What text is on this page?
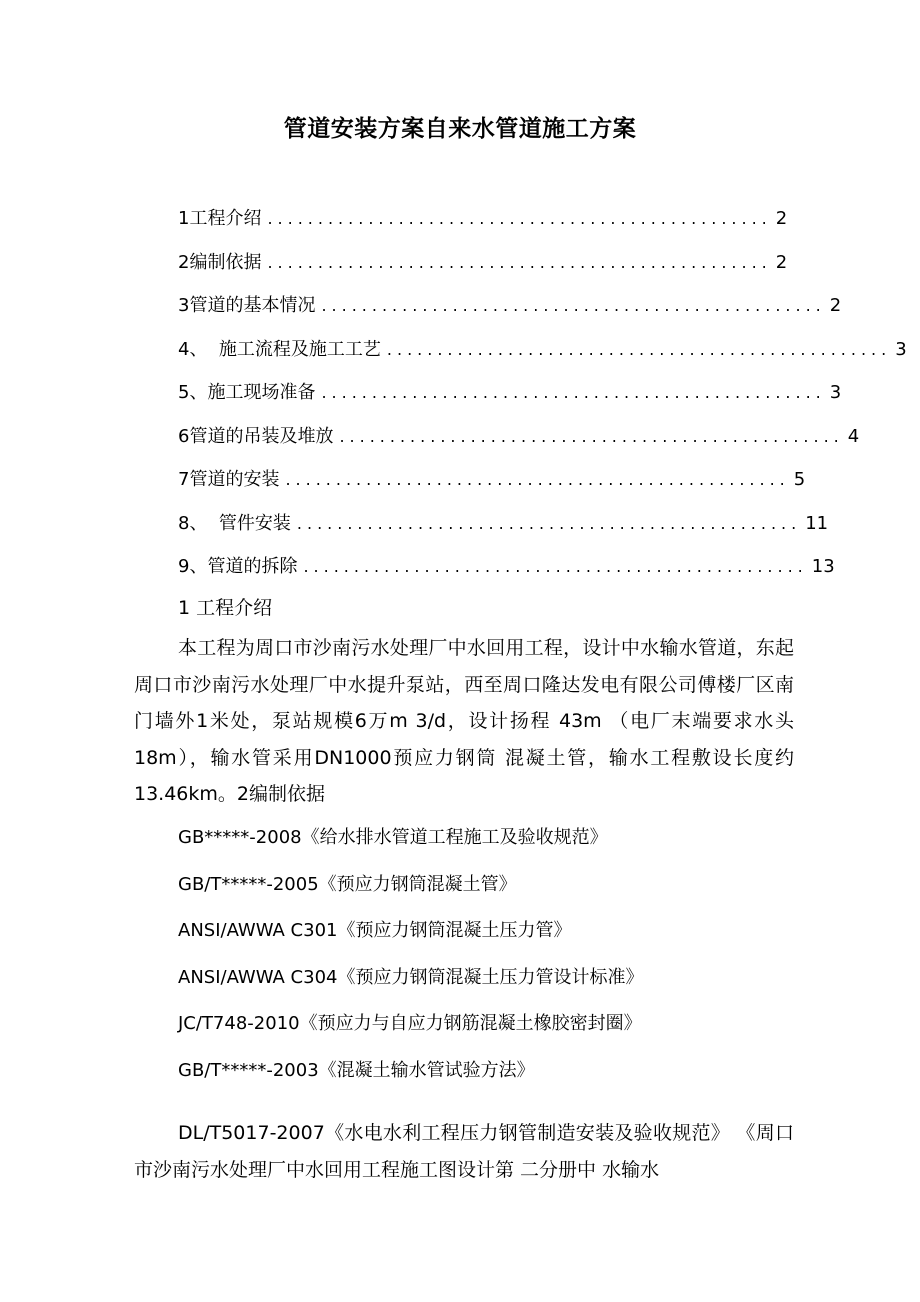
管道安装方案自来水管道施工方案
1工程介绍 .................................................. 2
2编制依据 .................................................. 2
3管道的基本情况 .................................................. 2
4、  施工流程及施工工艺 .................................................. 3
5、施工现场准备 .................................................. 3
6管道的吊装及堆放 .................................................. 4
7管道的安装 .................................................. 5
8、  管件安装 .................................................. 11
9、管道的拆除 .................................................. 13
1 工程介绍

本工程为周口市沙南污水处理厂中水回用工程，设计中水输水管道，东起周口市沙南污水处理厂中水提升泵站，西至周口隆达发电有限公司傅楼厂区南门墙外1米处，泵站规模6万m 3/d，设计扬程 43m （电厂末端要求水头18m），输水管采用DN1000预应力钢筒 混凝土管，输水工程敷设长度约13.46km。2编制依据

GB*****-2008《给水排水管道工程施工及验收规范》
GB/T*****-2005《预应力钢筒混凝土管》
ANSI/AWWA C301《预应力钢筒混凝土压力管》
ANSI/AWWA C304《预应力钢筒混凝土压力管设计标准》
JC/T748-2010《预应力与自应力钢筋混凝土橡胶密封圈》
GB/T*****-2003《混凝土输水管试验方法》

DL/T5017-2007《水电水利工程压力钢管制造安装及验收规范》 《周口市沙南污水处理厂中水回用工程施工图设计第 二分册中 水输水
